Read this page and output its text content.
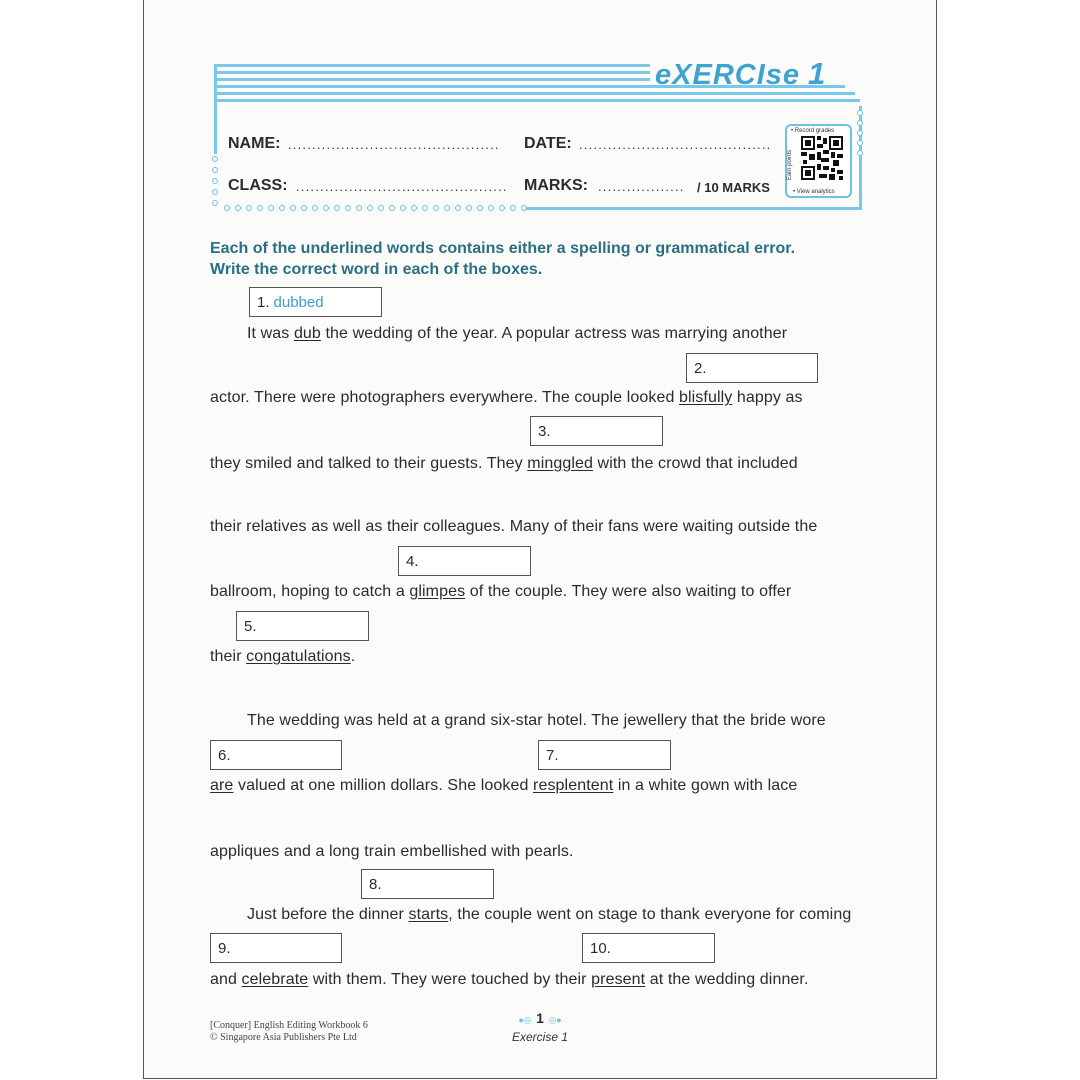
eXERCIse 1
NAME: ............................................	DATE: ........................................
CLASS: ............................................ MARKS: .................. / 10 MARKS
• Record grades
Earn points
• View analytics
Each of the underlined words contains either a spelling or grammatical error.
Write the correct word in each of the boxes.
1. dubbed
2.
3.
4.
5.
6.	7.
8.
9.	10.
It was dub the wedding of the year. A popular actress was marrying another
actor. There were photographers everywhere. The couple looked blisfully happy as
they smiled and talked to their guests. They minggled with the crowd that included
their relatives as well as their colleagues. Many of their fans were waiting outside the
ballroom, hoping to catch a glimpes of the couple. They were also waiting to offer
their congatulations.
The wedding was held at a grand six-star hotel. The jewellery that the bride wore
are valued at one million dollars. She looked resplentent in a white gown with lace
appliques and a long train embellished with pearls.
Just before the dinner starts, the couple went on stage to thank everyone for coming
and celebrate with them. They were touched by their present at the wedding dinner.
[Conquer] English Editing Workbook 6
© Singapore Asia Publishers Pte Ltd
●◎ 1 ◎●
Exercise 1
